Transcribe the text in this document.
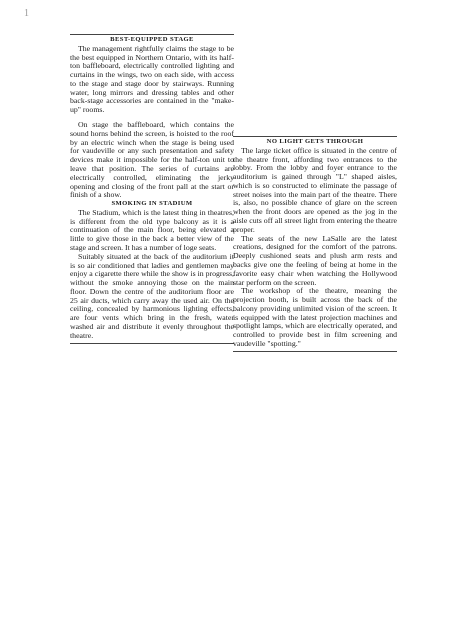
1
BEST-EQUIPPED STAGE

The management rightfully claims the stage to be the best equipped in Northern Ontario, with its half-ton baffleboard, electrically controlled lighting and curtains in the wings, two on each side, with access to the stage and stage door by stairways. Running water, long mirrors and dressing tables and other back-stage accessories are contained in the "make-up" rooms.

On stage the baffleboard, which contains the sound horns behind the screen, is hoisted to the roof by an electric winch when the stage is being used for vaudeville or any such presentation and safety devices make it impossible for the half-ton unit to leave that position. The series of curtains are electrically controlled, eliminating the jerky opening and closing of the front pall at the start or finish of a show.

SMOKING IN STADIUM

The Stadium, which is the latest thing in theatres, is different from the old type balcony as it is a continuation of the main floor, being elevated a little to give those in the back a better view of the stage and screen. It has a number of loge seats.

Suitably situated at the back of the auditorium it is so air conditioned that ladies and gentlemen may enjoy a cigarette there while the show is in progress, without the smoke annoying those on the main floor. Down the centre of the auditorium floor are 25 air ducts, which carry away the used air. On the ceiling, concealed by harmonious lighting effects, are four vents which bring in the fresh, water washed air and distribute it evenly throughout the theatre.

NO LIGHT GETS THROUGH

The large ticket office is situated in the centre of the theatre front, affording two entrances to the lobby. From the lobby and foyer entrance to the auditorium is gained through "L" shaped aisles, which is so constructed to eliminate the passage of street noises into the main part of the theatre. There is, also, no possible chance of glare on the screen when the front doors are opened as the jog in the aisle cuts off all street light from entering the theatre proper.

The seats of the new LaSalle are the latest creations, designed for the comfort of the patrons. Deeply cushioned seats and plush arm rests and backs give one the feeling of being at home in the favorite easy chair when watching the Hollywood star perform on the screen.

The workshop of the theatre, meaning the projection booth, is built across the back of the balcony providing unlimited vision of the screen. It is equipped with the latest projection machines and spotlight lamps, which are electrically operated, and controlled to provide best in film screening and vaudeville "spotting."
